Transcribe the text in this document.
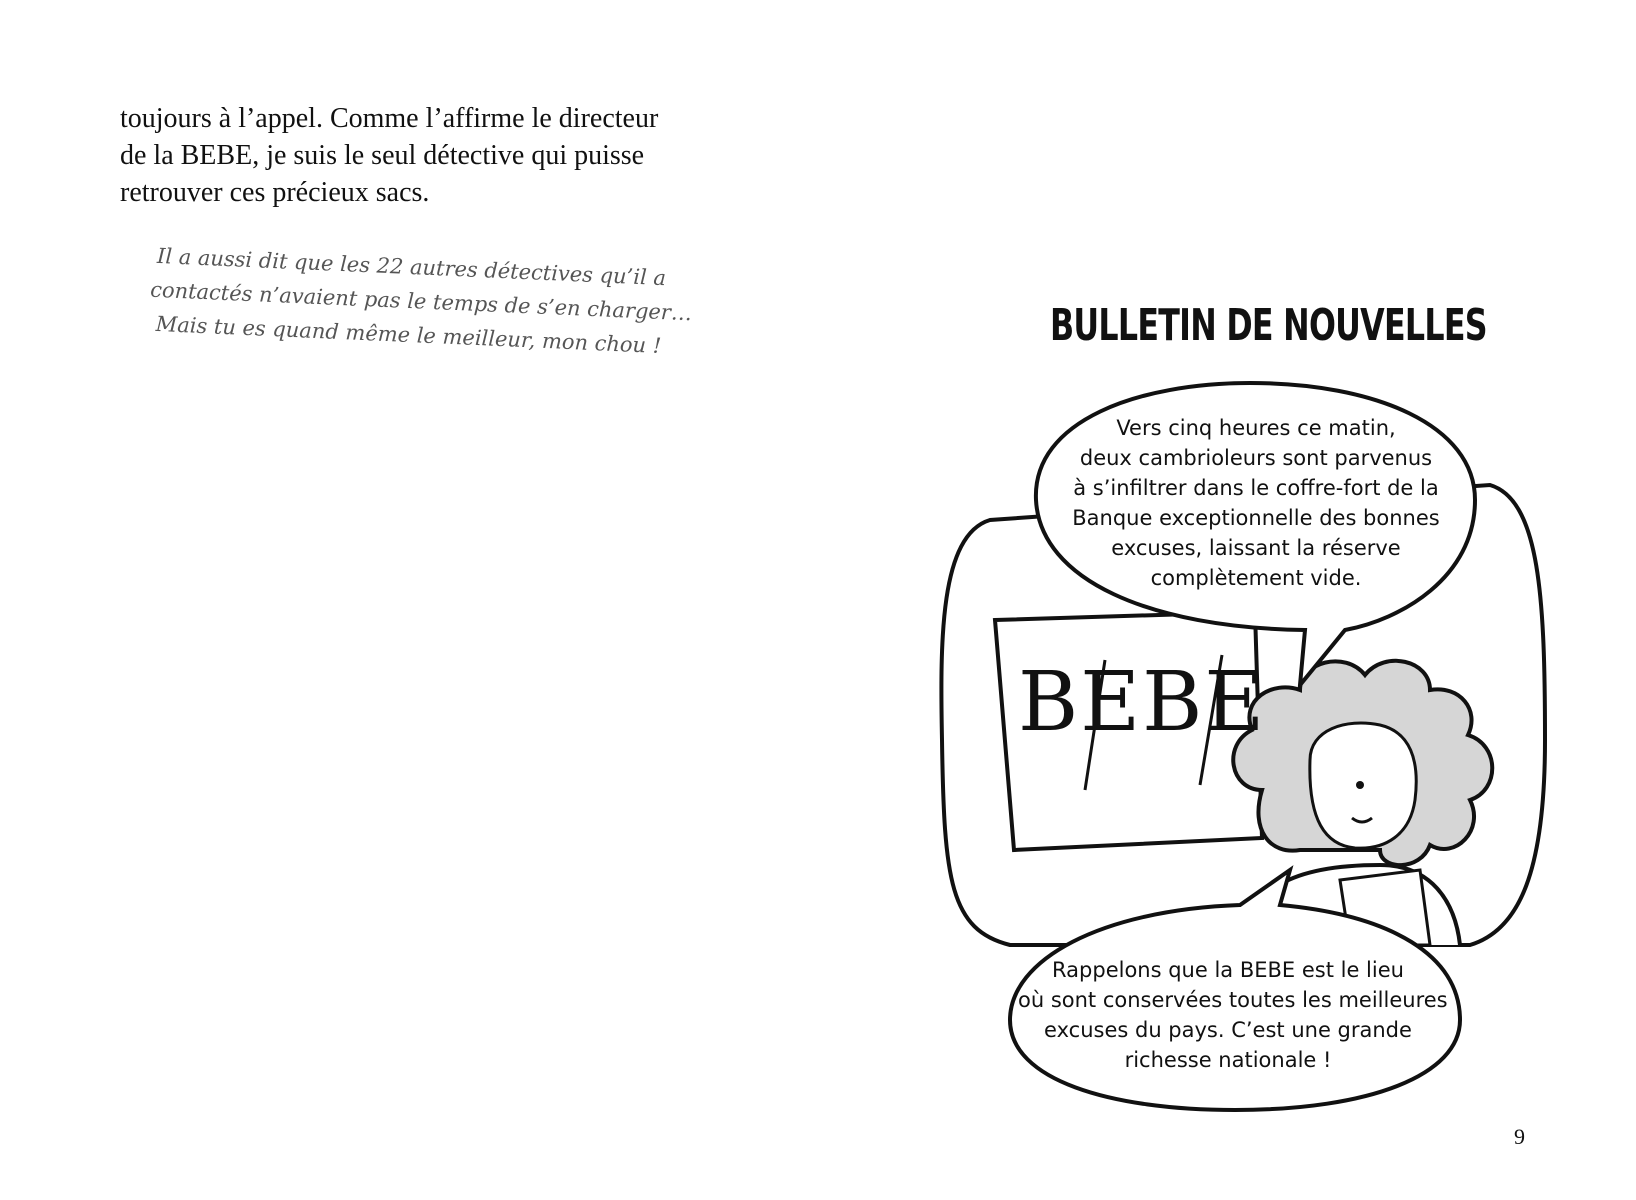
toujours à l’appel. Comme l’affirme le directeur
de la BEBE, je suis le seul détective qui puisse
retrouver ces précieux sacs.
Il a aussi dit que les 22 autres détectives qu’il a
contactés n’avaient pas le temps de s’en charger…
Mais tu es quand même le meilleur, mon chou !	BULLETIN DE NOUVELLES
BEBE
Vers cinq heures ce matin,
deux cambrioleurs sont parvenus
à s’infiltrer dans le coffre-fort de la
Banque exceptionnelle des bonnes
excuses, laissant la réserve
complètement vide.
Rappelons que la BEBE est le lieu
où sont conservées toutes les meilleures
excuses du pays. C’est une grande
richesse nationale !
9
